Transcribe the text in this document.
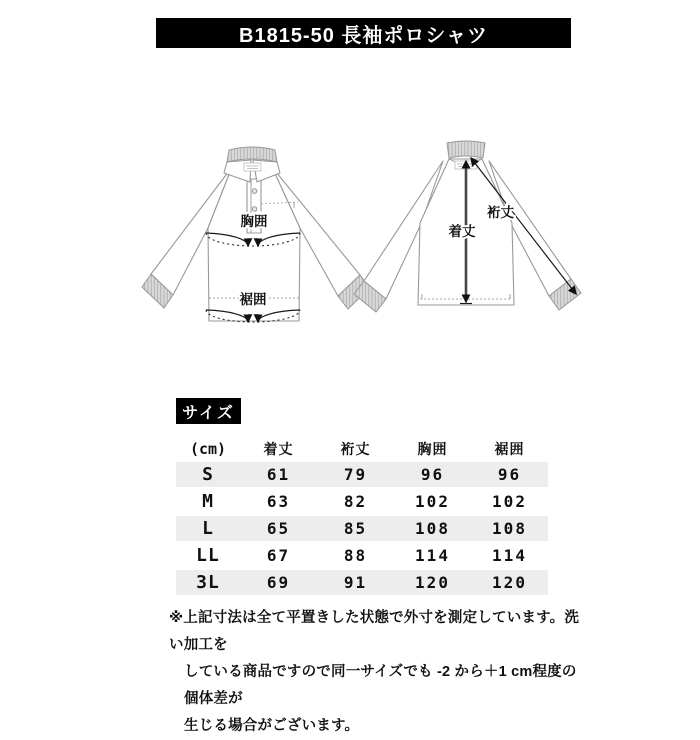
B1815-50 長袖ポロシャツ
胸囲
裾囲
着丈
裄丈
サイズ
(cm)	着丈	裄丈	胸囲	裾囲
S	61	79	96	96
M	63	82	102	102
L	65	85	108	108
LL	67	88	114	114
3L	69	91	120	120
※上記寸法は全て平置きした状態で外寸を測定しています。洗い加工を
している商品ですので同一サイズでも -2 から＋1 cm程度の個体差が
生じる場合がございます。
